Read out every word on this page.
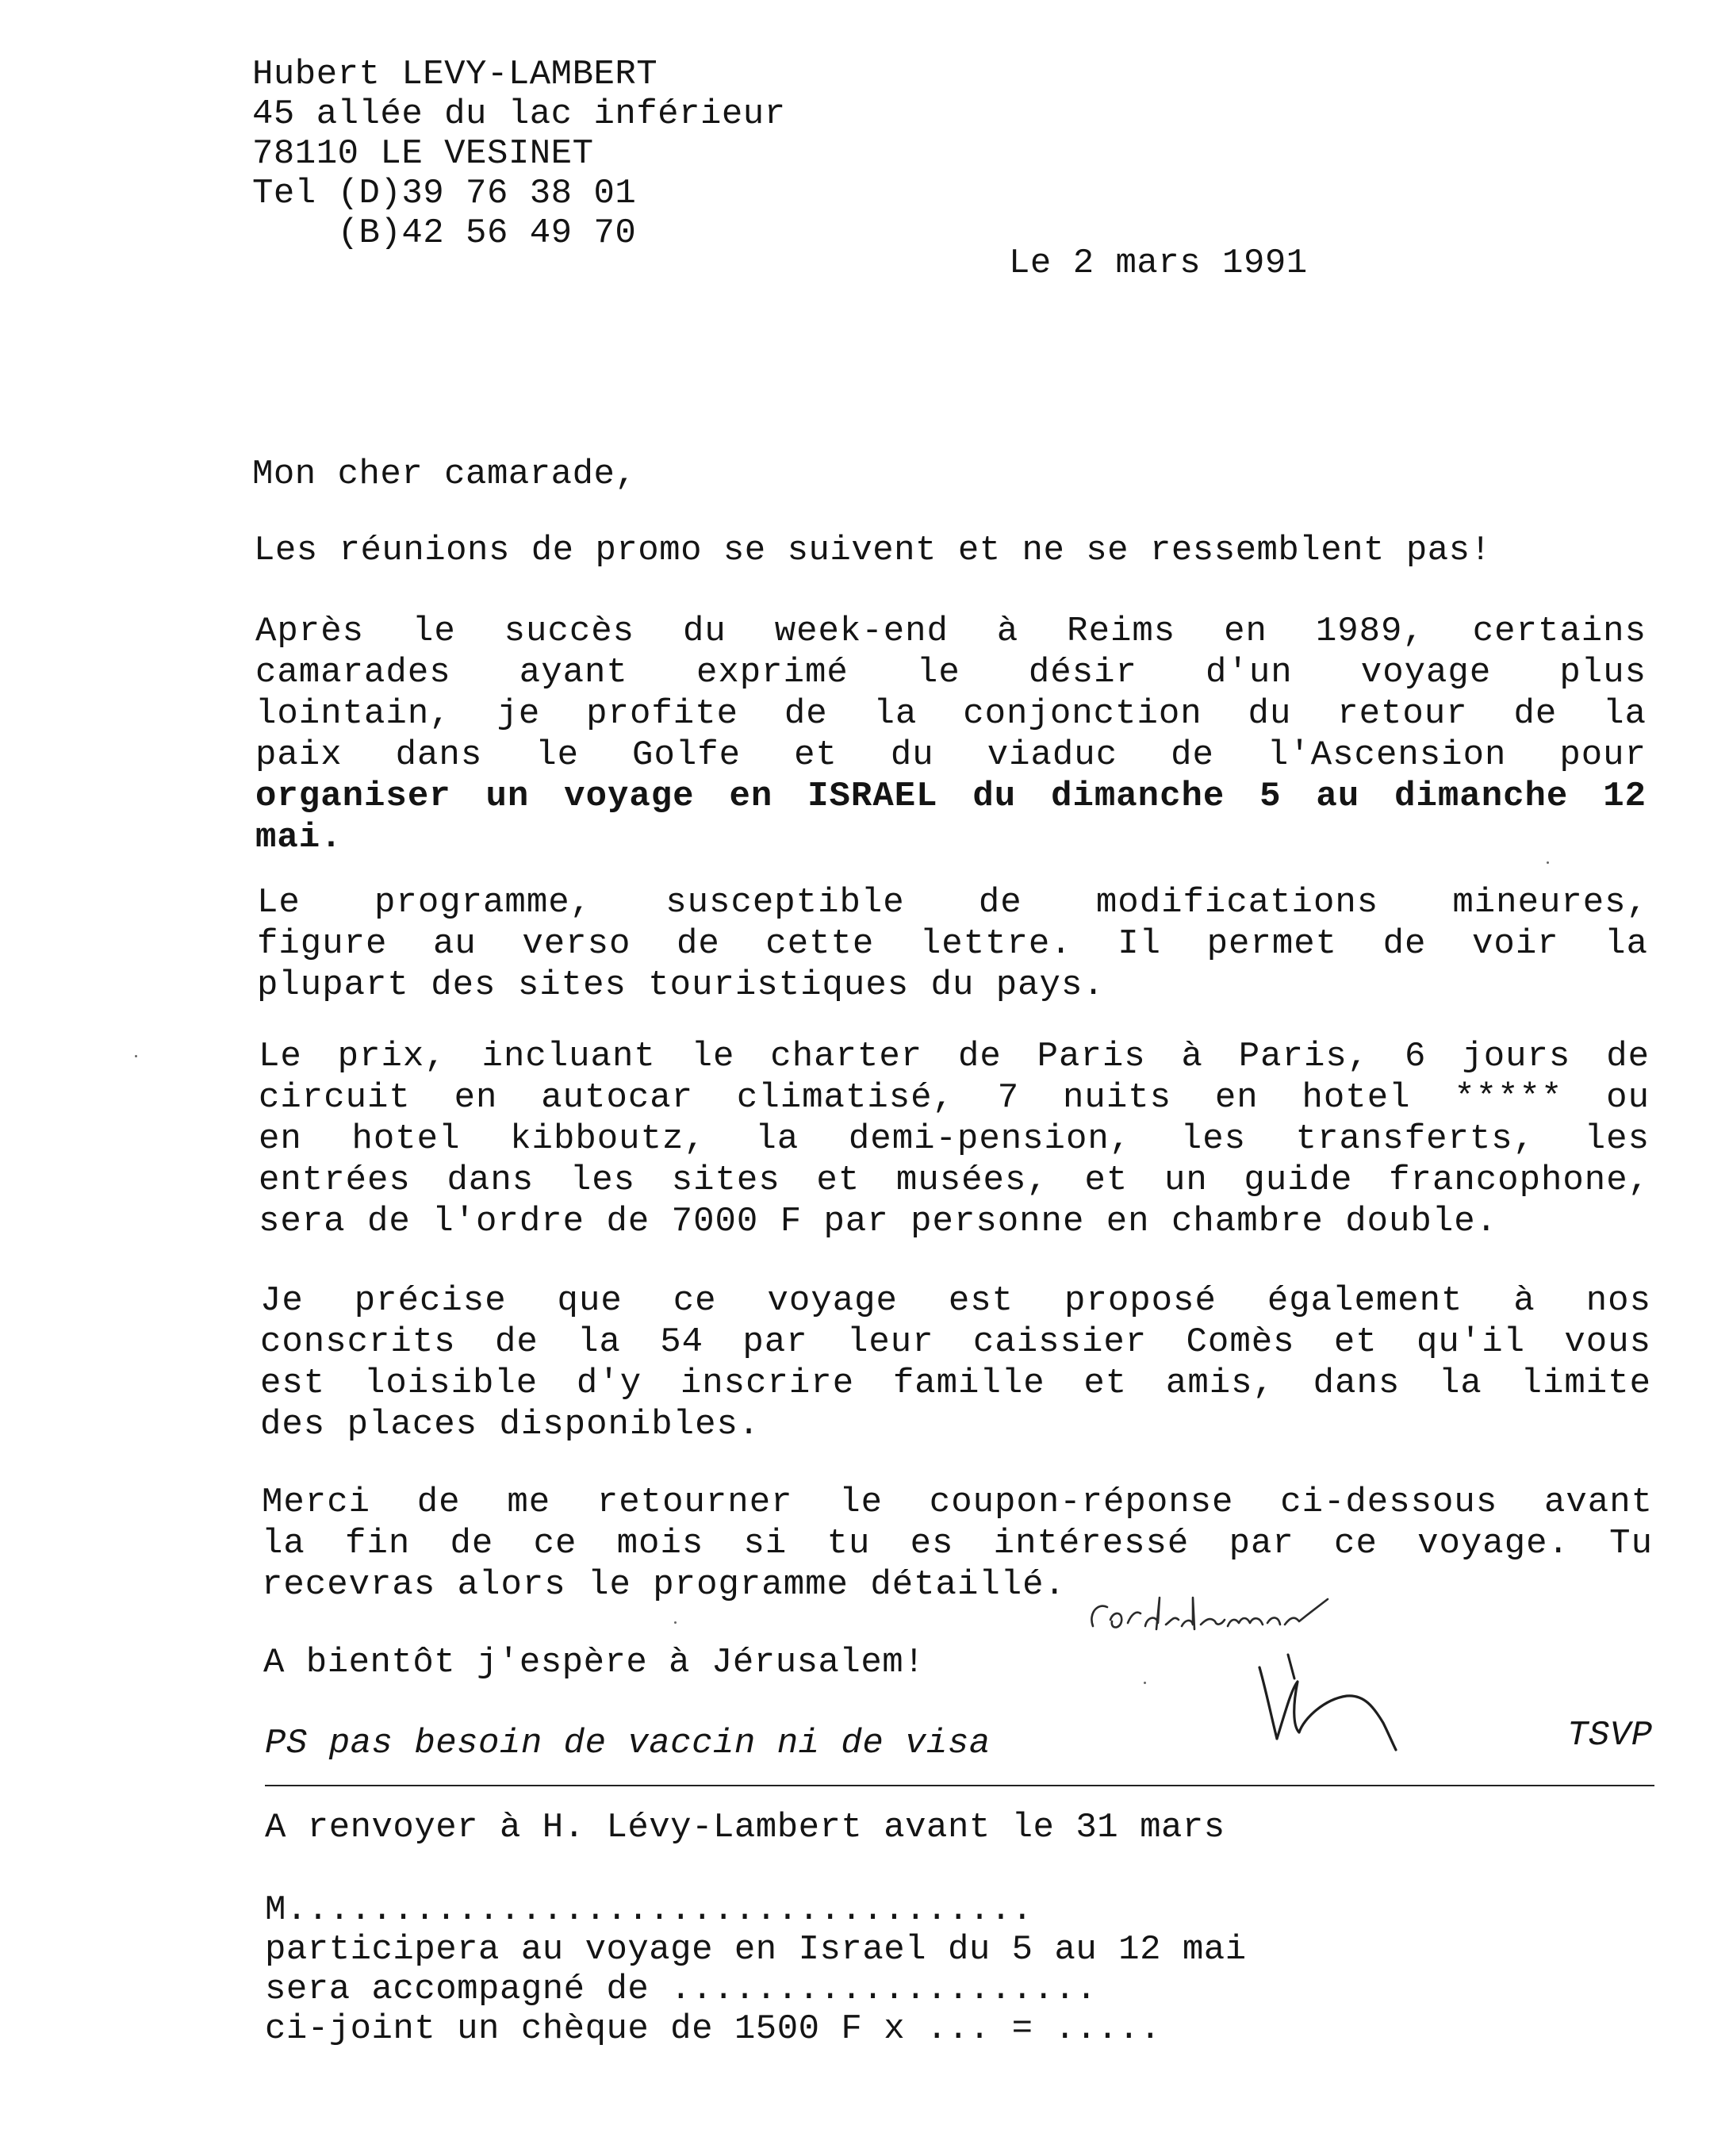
Hubert LEVY-LAMBERT

45 allée du lac inférieur

78110 LE VESINET

Tel (D)39 76 38 01

(B)42 56 49 70

Le 2 mars 1991

Mon cher camarade,

Les réunions de promo se suivent et ne se ressemblent pas!

Après le succès du week-end à Reims en 1989, certains
camarades ayant exprimé le désir d'un voyage plus
lointain, je profite de la conjonction du retour de la
paix dans le Golfe et du viaduc de l'Ascension pour
organiser un voyage en ISRAEL du dimanche 5 au dimanche 12
mai.
Le programme, susceptible de modifications mineures,
figure au verso de cette lettre. Il permet de voir la
plupart des sites touristiques du pays.
Le prix, incluant le charter de Paris à Paris, 6 jours de
circuit en autocar climatisé, 7 nuits en hotel ***** ou
en hotel kibboutz, la demi-pension, les transferts, les
entrées dans les sites et musées, et un guide francophone,
sera de l'ordre de 7000 F par personne en chambre double.
Je précise que ce voyage est proposé également à nos
conscrits de la 54 par leur caissier Comès et qu'il vous
est loisible d'y inscrire famille et amis, dans la limite
des places disponibles.
Merci de me retourner le coupon-réponse ci-dessous avant
la fin de ce mois si tu es intéressé par ce voyage. Tu
recevras alors le programme détaillé.

A bientôt j'espère à Jérusalem!

PS pas besoin de vaccin ni de visa	TSVP

A renvoyer à H. Lévy-Lambert avant le 31 mars

M...................................

participera au voyage en Israel du 5 au 12 mai

sera accompagné de ....................

ci-joint un chèque de 1500 F x ... = .....
